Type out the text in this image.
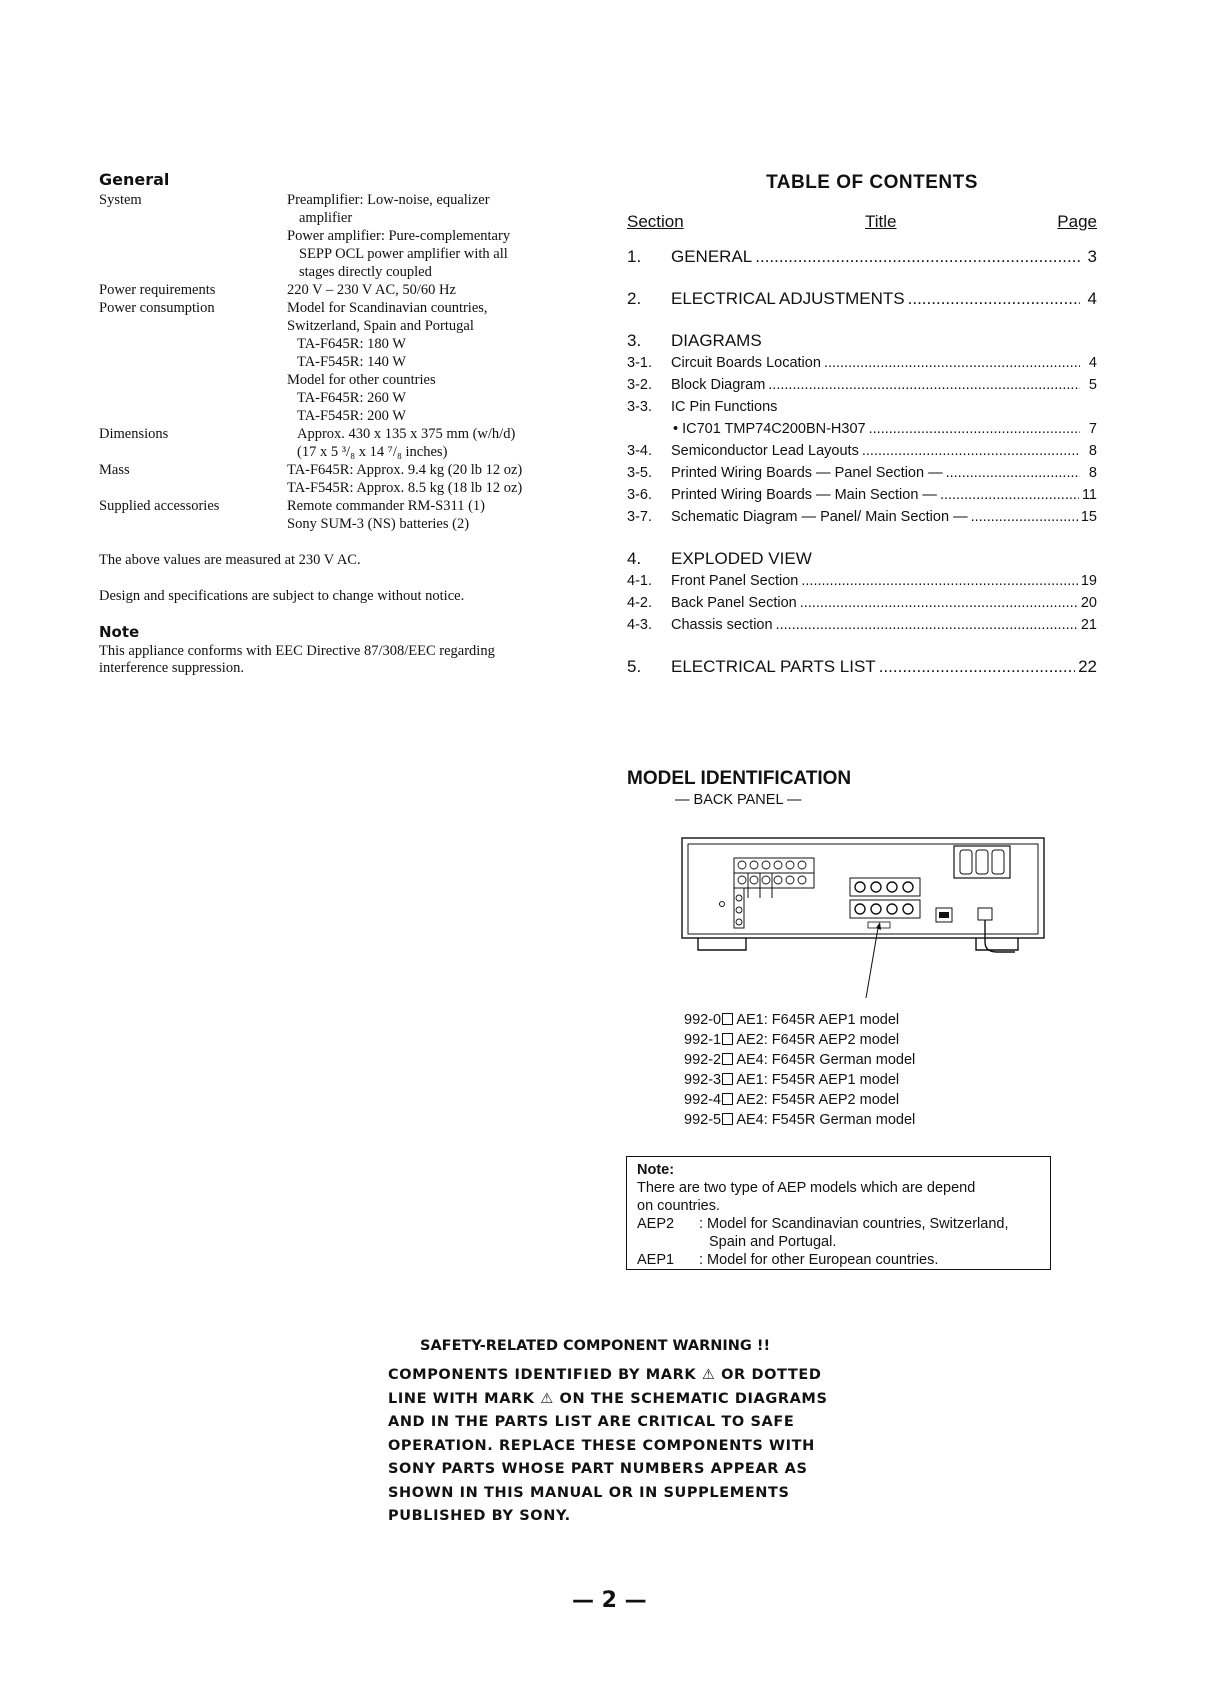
General
System	Preamplifier: Low-noise, equalizer
amplifier
Power amplifier: Pure-complementary
SEPP OCL power amplifier with all
stages directly coupled
Power requirements	220 V – 230 V AC, 50/60 Hz
Power consumption	Model for Scandinavian countries,
Switzerland, Spain and Portugal
TA-F645R: 180 W
TA-F545R: 140 W
Model for other countries
TA-F645R: 260 W
TA-F545R: 200 W
Dimensions	Approx. 430 x 135 x 375 mm (w/h/d)
(17 x 5 ³/₈ x 14 ⁷/₈ inches)
Mass	TA-F645R: Approx. 9.4 kg (20 lb 12 oz)
TA-F545R: Approx. 8.5 kg (18 lb 12 oz)
Supplied accessories	Remote commander RM-S311 (1)
Sony SUM-3 (NS) batteries (2)
The above values are measured at 230 V AC.
Design and specifications are subject to change without notice.
Note
This appliance conforms with EEC Directive 87/308/EEC regarding
interference suppression.
TABLE OF CONTENTS
Section	Title	Page
1.	GENERAL .....	3
2.	ELECTRICAL ADJUSTMENTS .....	4
3.	DIAGRAMS
3-1.	Circuit Boards Location .....	4
3-2.	Block Diagram .....	5
3-3.	IC Pin Functions
• IC701 TMP74C200BN-H307 .....	7
3-4.	Semiconductor Lead Layouts .....	8
3-5.	Printed Wiring Boards — Panel Section — .....	8
3-6.	Printed Wiring Boards — Main Section — .....	11
3-7.	Schematic Diagram — Panel/ Main Section — .....	15
4.	EXPLODED VIEW
4-1.	Front Panel Section .....	19
4-2.	Back Panel Section .....	20
4-3.	Chassis section .....	21
5.	ELECTRICAL PARTS LIST .....	22
MODEL IDENTIFICATION
— BACK PANEL —
992-0 AE1: F645R AEP1 model
992-1 AE2: F645R AEP2 model
992-2 AE4: F645R German model
992-3 AE1: F545R AEP1 model
992-4 AE2: F545R AEP2 model
992-5 AE4: F545R German model
Note:
There are two type of AEP models which are depend
on countries.
AEP2	: Model for Scandinavian countries, Switzerland,
Spain and Portugal.
AEP1	: Model for other European countries.
SAFETY-RELATED COMPONENT WARNING !!
COMPONENTS IDENTIFIED BY MARK ⚠ OR DOTTED
LINE WITH MARK ⚠ ON THE SCHEMATIC DIAGRAMS
AND IN THE PARTS LIST ARE CRITICAL TO SAFE
OPERATION. REPLACE THESE COMPONENTS WITH
SONY PARTS WHOSE PART NUMBERS APPEAR AS
SHOWN IN THIS MANUAL OR IN SUPPLEMENTS
PUBLISHED BY SONY.
— 2 —
